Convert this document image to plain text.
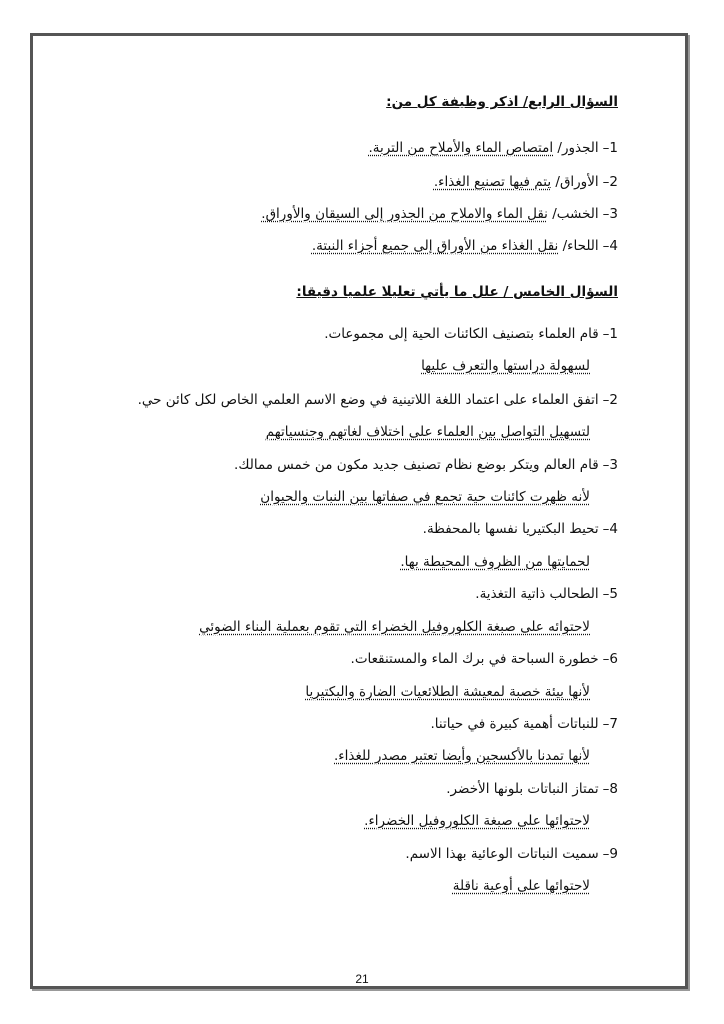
السؤال الرابع/ اذكر وظيفة كل من:
1–الجذور/ امتصاص الماء والأملاح من التربة.
2–الأوراق/ يتم فيها تصنيع الغذاء.
3–الخشب/ نقل الماء والاملاح من الجذور إلى السيقان والأوراق.
4–اللحاء/ نقل الغذاء من الأوراق إلى جميع أجزاء النبتة.
السؤال الخامس / علل ما يأتي تعليلا علميا دقيقا:
1–قام العلماء بتصنيف الكائنات الحية إلى مجموعات.
لسهولة دراستها والتعرف عليها
2–اتفق العلماء على اعتماد اللغة اللاتينية في وضع الاسم العلمي الخاص لكل كائن حي.
لتسهيل التواصل بين العلماء على اختلاف لغاتهم وجنسياتهم
3–قام العالم ويتكر بوضع نظام تصنيف جديد مكون من خمس ممالك.
لأنه ظهرت كائنات حية تجمع في صفاتها بين النبات والحيوان
4–تحيط البكتيريا نفسها بالمحفظة.
لحمايتها من الظروف المحيطة بها.
5–الطحالب ذاتية التغذية.
لاحتوائه على صبغة الكلوروفيل الخضراء التي تقوم بعملية البناء الضوئي
6–خطورة السباحة في برك الماء والمستنقعات.
لأنها بيئة خصبة لمعيشة الطلائعيات الضارة والبكتيريا
7–للنباتات أهمية كبيرة في حياتنا.
لأنها تمدنا بالأكسجين وأيضا تعتبر مصدر للغذاء.
8–تمتاز النباتات بلونها الأخضر.
لاحتوائها على صبغة الكلوروفيل الخضراء.
9–سميت النباتات الوعائية بهذا الاسم.
لاحتوائها على أوعية ناقلة
21
